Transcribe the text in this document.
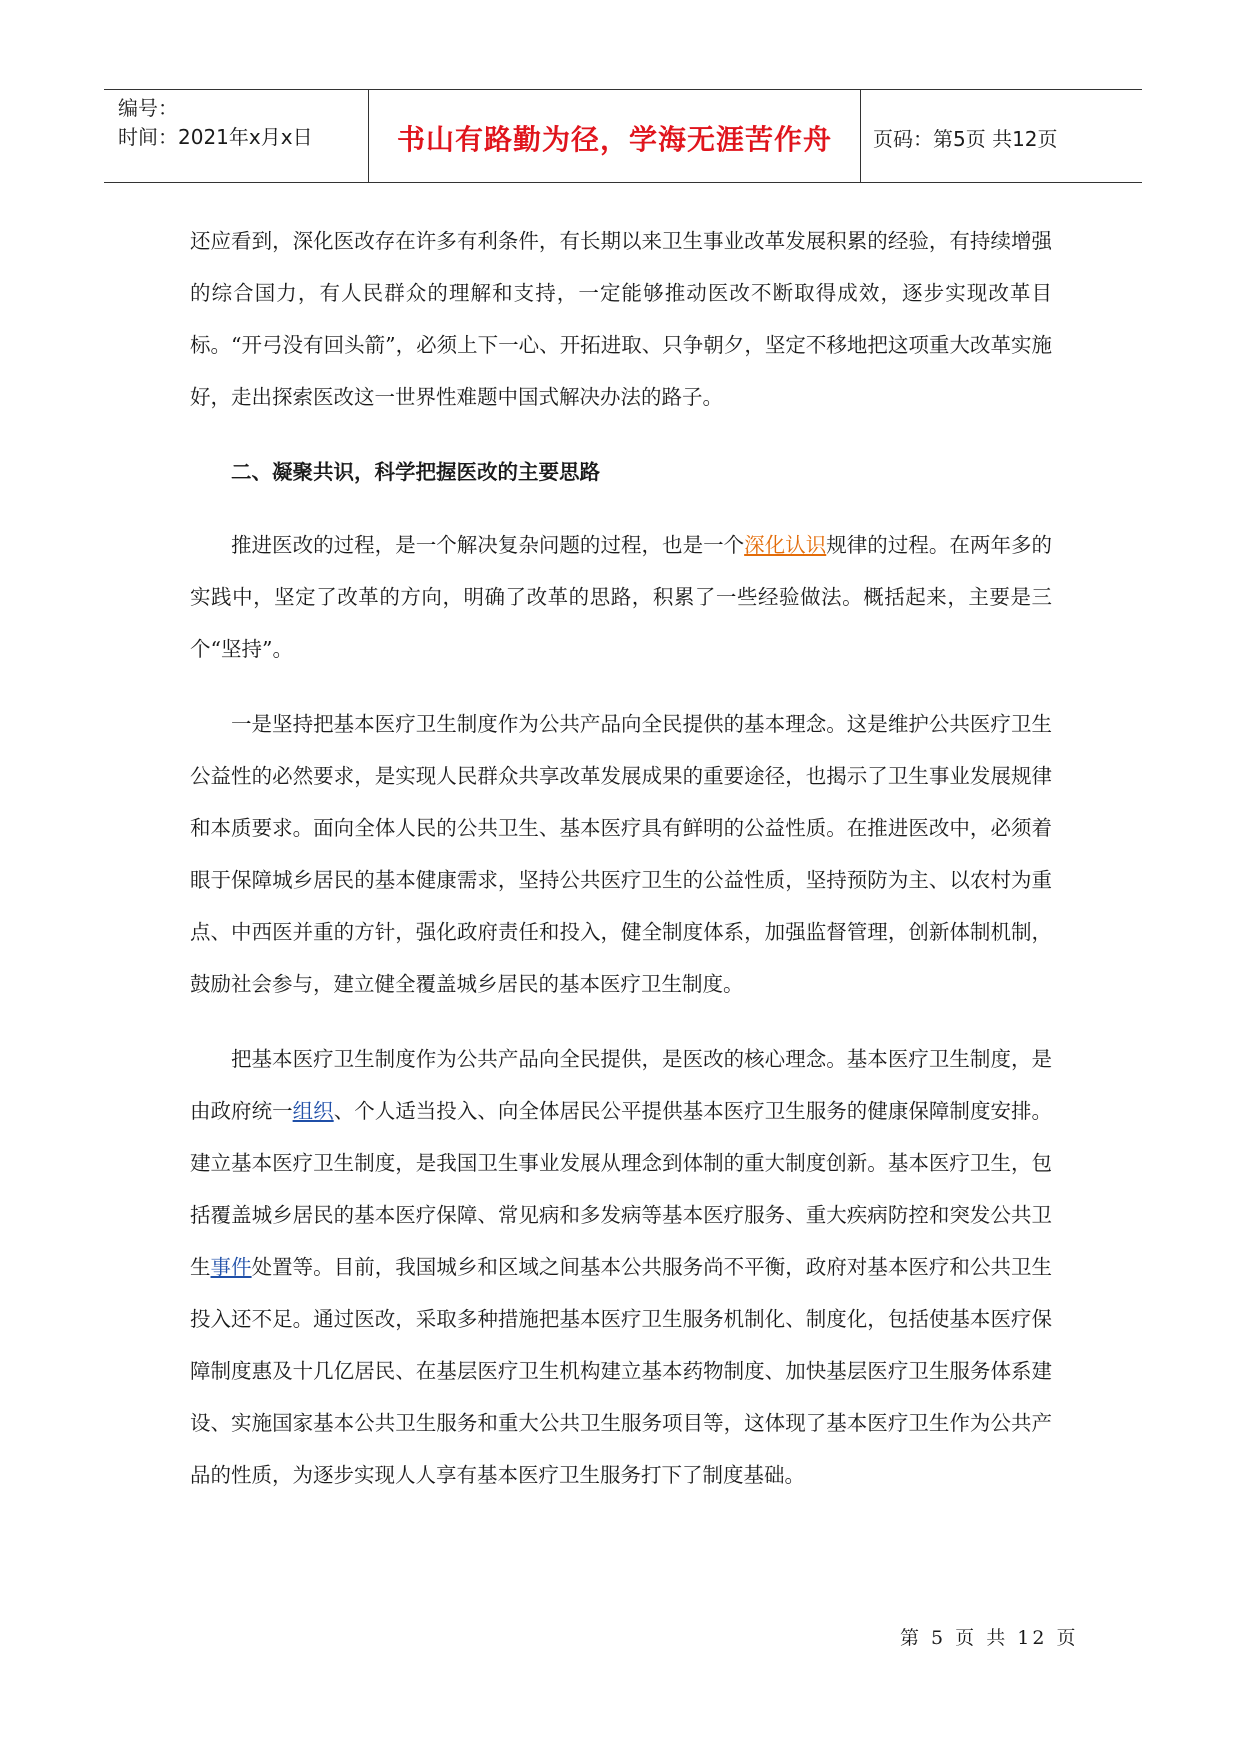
编号：
时间：2021年x月x日	书山有路勤为径，学海无涯苦作舟 页码：第5页 共12页

还应看到，深化医改存在许多有利条件，有长期以来卫生事业改革发展积累的经验，有持续增强的综合国力，有人民群众的理解和支持，一定能够推动医改不断取得成效，逐步实现改革目标。“开弓没有回头箭”，必须上下一心、开拓进取、只争朝夕，坚定不移地把这项重大改革实施好，走出探索医改这一世界性难题中国式解决办法的路子。

二、凝聚共识，科学把握医改的主要思路

推进医改的过程，是一个解决复杂问题的过程，也是一个深化认识规律的过程。在两年多的实践中，坚定了改革的方向，明确了改革的思路，积累了一些经验做法。概括起来，主要是三个“坚持”。

一是坚持把基本医疗卫生制度作为公共产品向全民提供的基本理念。这是维护公共医疗卫生公益性的必然要求，是实现人民群众共享改革发展成果的重要途径，也揭示了卫生事业发展规律和本质要求。面向全体人民的公共卫生、基本医疗具有鲜明的公益性质。在推进医改中，必须着眼于保障城乡居民的基本健康需求，坚持公共医疗卫生的公益性质，坚持预防为主、以农村为重点、中西医并重的方针，强化政府责任和投入，健全制度体系，加强监督管理，创新体制机制，鼓励社会参与，建立健全覆盖城乡居民的基本医疗卫生制度。

把基本医疗卫生制度作为公共产品向全民提供，是医改的核心理念。基本医疗卫生制度，是由政府统一组织、个人适当投入、向全体居民公平提供基本医疗卫生服务的健康保障制度安排。建立基本医疗卫生制度，是我国卫生事业发展从理念到体制的重大制度创新。基本医疗卫生，包括覆盖城乡居民的基本医疗保障、常见病和多发病等基本医疗服务、重大疾病防控和突发公共卫生事件处置等。目前，我国城乡和区域之间基本公共服务尚不平衡，政府对基本医疗和公共卫生投入还不足。通过医改，采取多种措施把基本医疗卫生服务机制化、制度化，包括使基本医疗保障制度惠及十几亿居民、在基层医疗卫生机构建立基本药物制度、加快基层医疗卫生服务体系建设、实施国家基本公共卫生服务和重大公共卫生服务项目等，这体现了基本医疗卫生作为公共产品的性质，为逐步实现人人享有基本医疗卫生服务打下了制度基础。

第 5 页 共 12 页
